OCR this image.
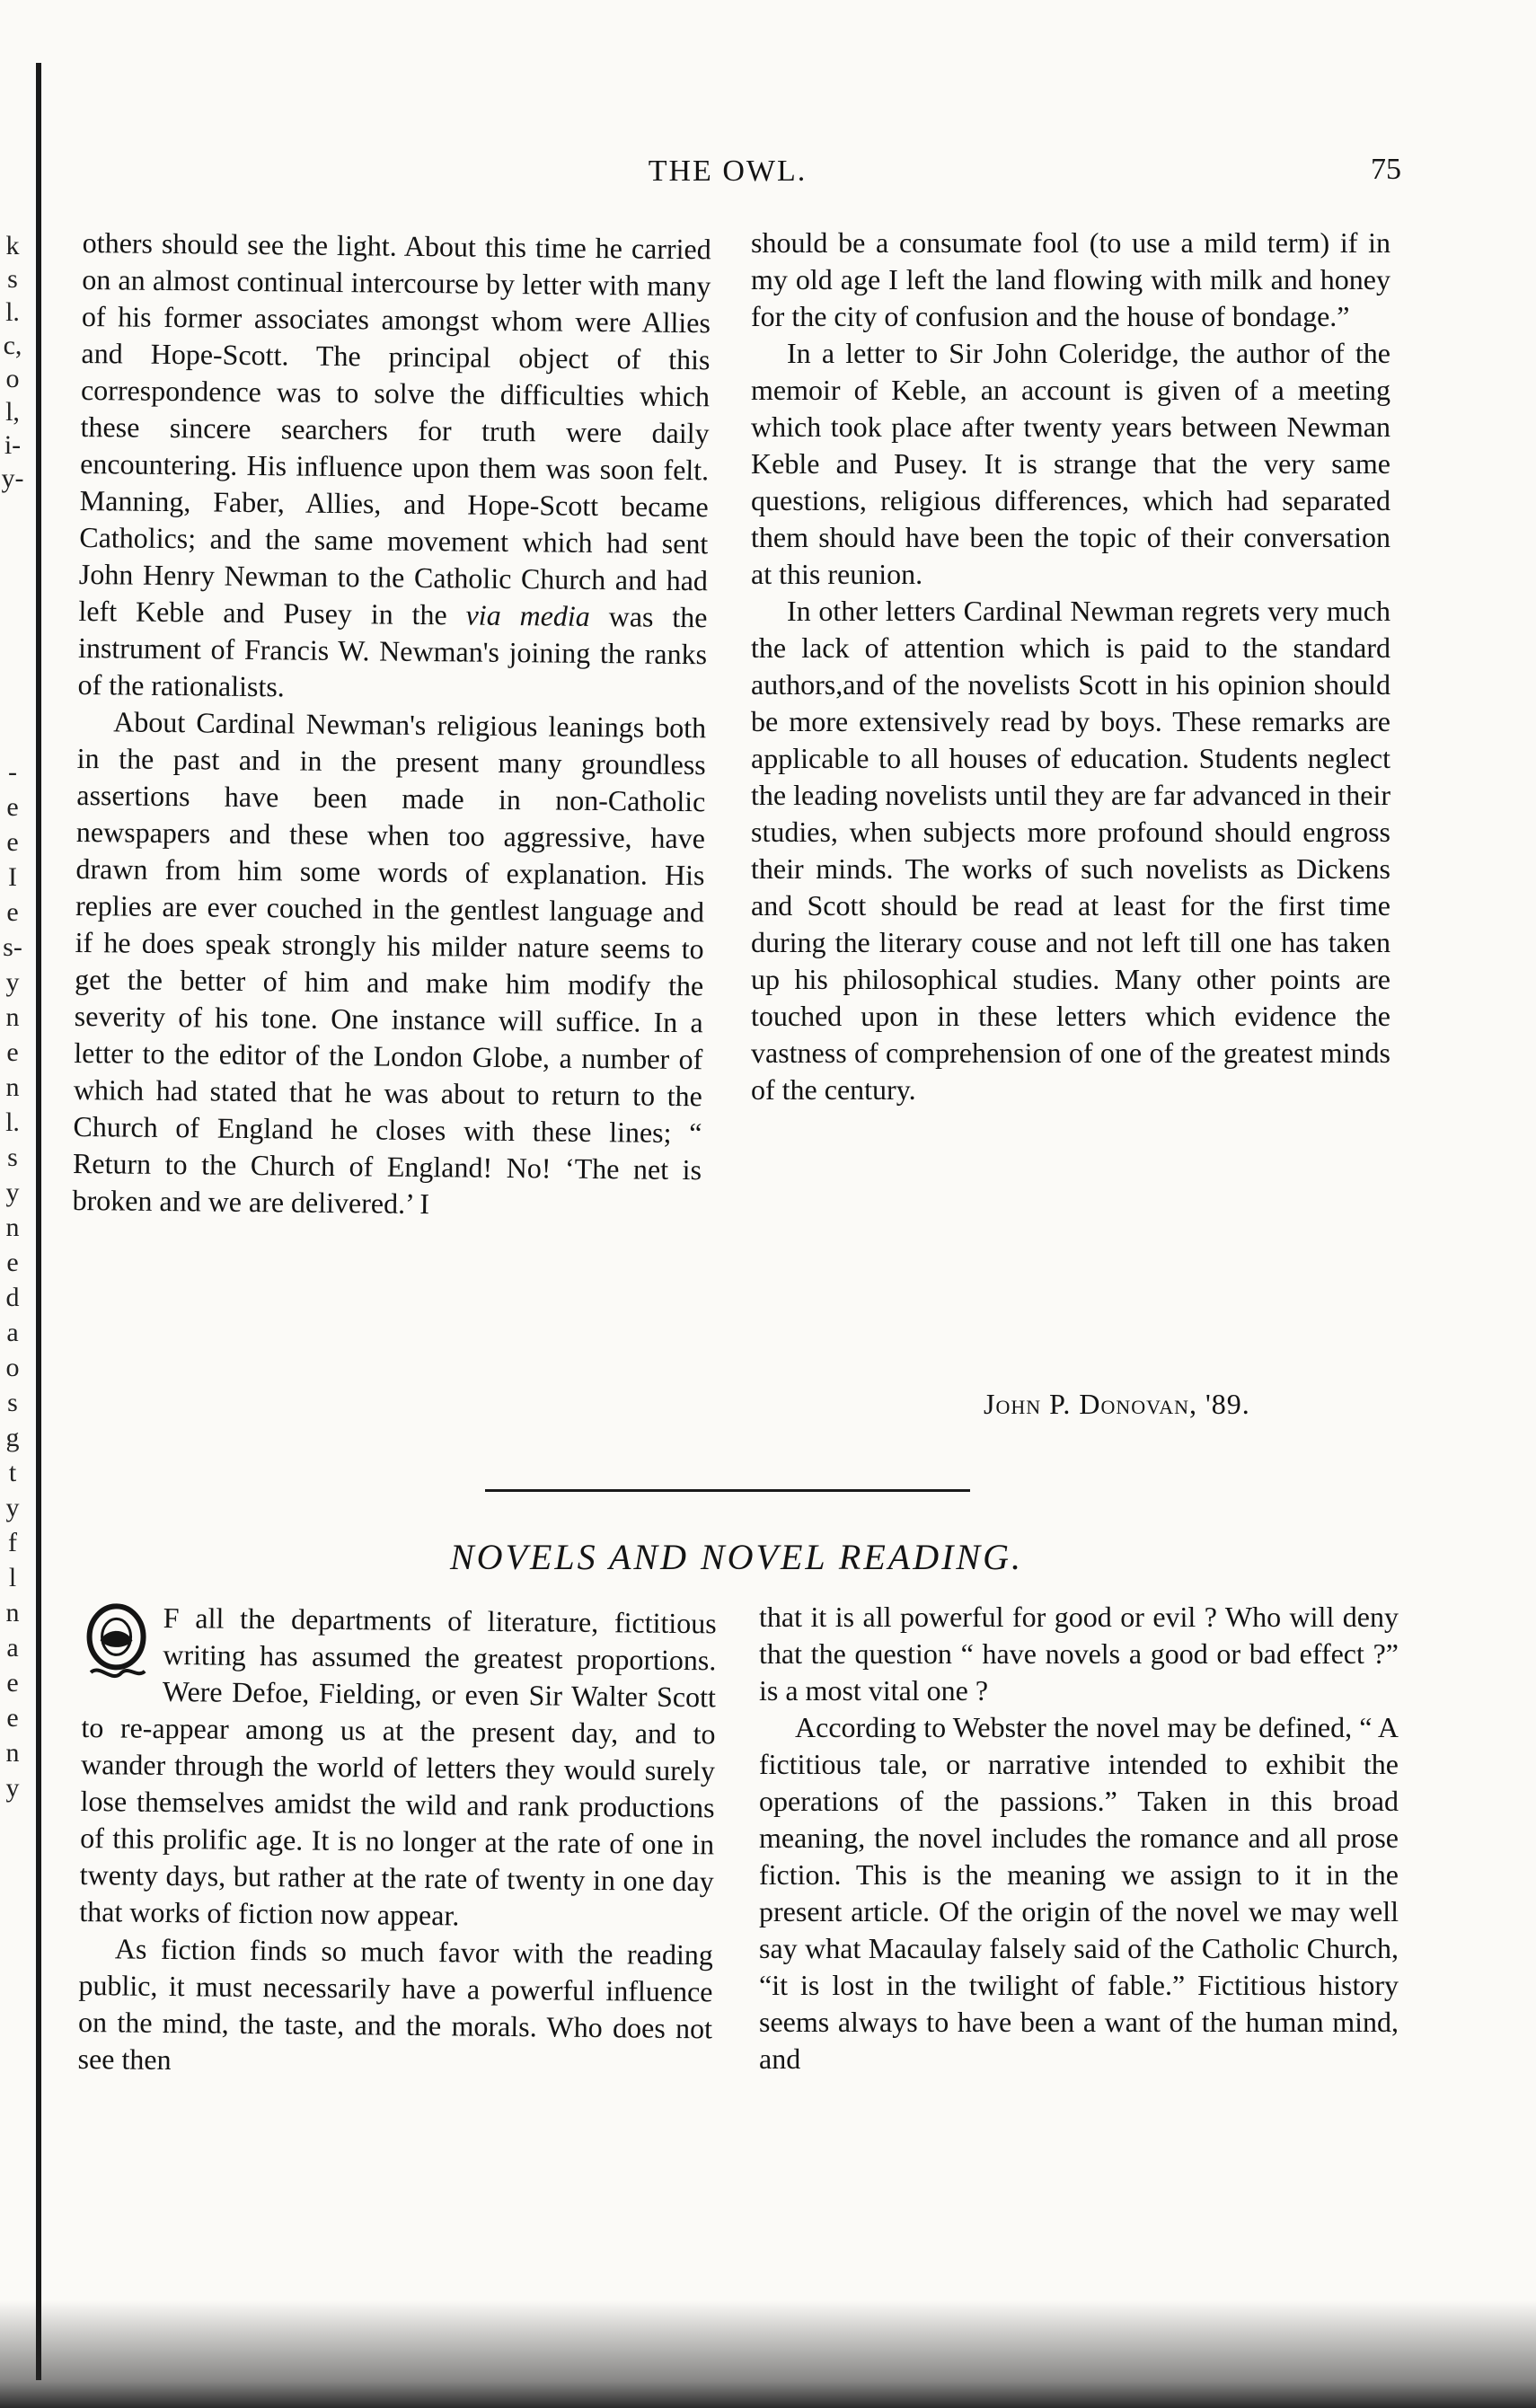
k
s
l.
c,
o
l,
i-
y-
-
e
e
I
e
s-
y
n
e
n
l.
s
y
n
e
d
a
o
s
g
t
y
f
l
n
a
e
e
n
y
THE OWL.	75

others should see the light. About this time he carried on an almost continual intercourse by letter with many of his former associates amongst whom were Allies and Hope-Scott. The principal object of this correspondence was to solve the difficulties which these sincere searchers for truth were daily encountering. His influence upon them was soon felt. Manning, Faber, Allies, and Hope-Scott became Catholics; and the same movement which had sent John Henry Newman to the Catholic Church and had left Keble and Pusey in the via media was the instrument of Francis W. Newman's joining the ranks of the rationalists.

About Cardinal Newman's religious leanings both in the past and in the present many groundless assertions have been made in non-Catholic newspapers and these when too aggressive, have drawn from him some words of explanation. His replies are ever couched in the gentlest language and if he does speak strongly his milder nature seems to get the better of him and make him modify the severity of his tone. One instance will suffice. In a letter to the editor of the London Globe, a number of which had stated that he was about to return to the Church of England he closes with these lines; “ Return to the Church of England! No! ‘The net is broken and we are delivered.’ I

should be a consumate fool (to use a mild term) if in my old age I left the land flowing with milk and honey for the city of confusion and the house of bondage.”

In a letter to Sir John Coleridge, the author of the memoir of Keble, an account is given of a meeting which took place after twenty years between Newman Keble and Pusey. It is strange that the very same questions, religious differences, which had separated them should have been the topic of their conversation at this reunion.

In other letters Cardinal Newman regrets very much the lack of attention which is paid to the standard authors,and of the novelists Scott in his opinion should be more extensively read by boys. These remarks are applicable to all houses of education. Students neglect the leading novelists until they are far advanced in their studies, when subjects more profound should engross their minds. The works of such novelists as Dickens and Scott should be read at least for the first time during the literary couse and not left till one has taken up his philosophical studies. Many other points are touched upon in these letters which evidence the vastness of comprehension of one of the greatest minds of the century.

John P. Donovan, '89.
NOVELS AND NOVEL READING.

F all the departments of literature, fictitious writing has assumed the greatest proportions. Were Defoe, Fielding, or even Sir Walter Scott to re-appear among us at the present day, and to wander through the world of letters they would surely lose themselves amidst the wild and rank productions of this prolific age. It is no longer at the rate of one in twenty days, but rather at the rate of twenty in one day that works of fiction now appear.

As fiction finds so much favor with the reading public, it must necessarily have a powerful influence on the mind, the taste, and the morals. Who does not see then

that it is all powerful for good or evil ? Who will deny that the question “ have novels a good or bad effect ?” is a most vital one ?

According to Webster the novel may be defined, “ A fictitious tale, or narrative intended to exhibit the operations of the passions.” Taken in this broad meaning, the novel includes the romance and all prose fiction. This is the meaning we assign to it in the present article. Of the origin of the novel we may well say what Macaulay falsely said of the Catholic Church, “it is lost in the twilight of fable.” Fictitious history seems always to have been a want of the human mind, and
